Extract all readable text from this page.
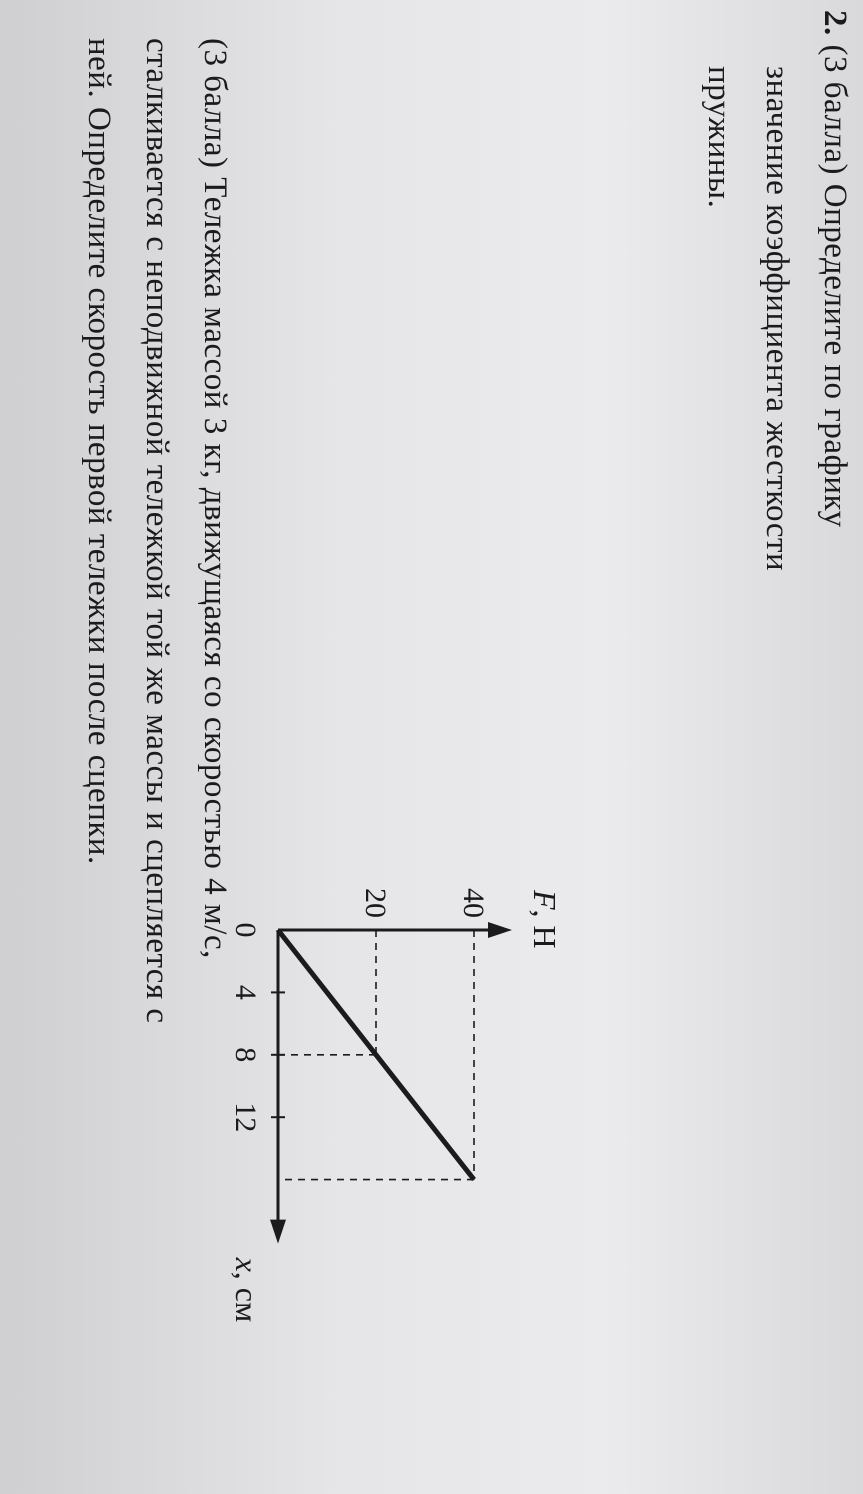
2. (3 балла) Определите по графику
значение коэффициента жесткости
пружины.
(3 балла) Тележка массой 3 кг, движущаяся со скоростью 4 м/с,
сталкивается с неподвижной тележкой той же массы и сцепляется с
ней. Определите скорость первой тележки после сцепки.
0
4
8
12
20 40
x, см
F, Н
